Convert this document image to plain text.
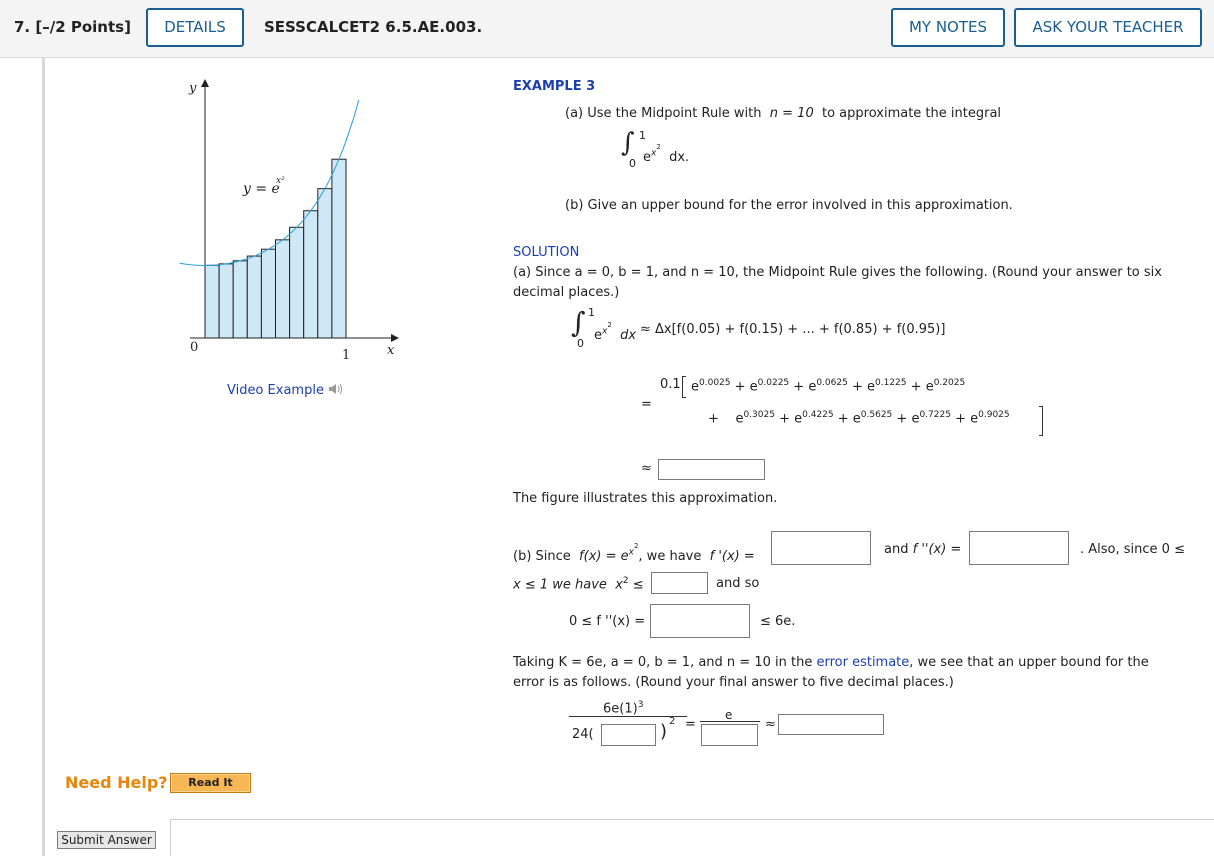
7. [–/2 Points]	DETAILS	SESSCALCET2 6.5.AE.003.	MY NOTES	ASK YOUR TEACHER
y
x
0
1
y = e
x²
Video Example
EXAMPLE 3
(a) Use the Midpoint Rule with n = 10 to approximate the integral
∫ 1
0 $e^{x2}$  dx.
(b) Give an upper bound for the error involved in this approximation.
SOLUTION
(a) Since a = 0, b = 1, and n = 10, the Midpoint Rule gives the following. (Round your answer to six
decimal places.)
∫ 1
0
$e^{x2}$  dx ≈ Δx[f(0.05) + f(0.15) + ... + f(0.85) + f(0.95)]
0.1
=
$e^{0.0025} + e^{0.0225} + e^{0.0625} + e^{0.1225} + e^{0.2025}$
+ $e^{0.3025} + e^{0.4225} + e^{0.5625} + e^{0.7225} + e^{0.9025}$
≈
The figure illustrates this approximation.
(b) Since $f(x) = e^{x2}$, we have f '(x) =	and f ''(x) =	. Also, since 0 ≤
x ≤ 1 we have $x^2$ ≤	and so
0 ≤ f ''(x) =	≤ 6e.
Taking K = 6e, a = 0, b = 1, and n = 10 in the error estimate, we see that an upper bound for the
error is as follows. (Round your final answer to five decimal places.)
$6e(1)^3$
24(	) 2 =
e
≈
Need Help?	Read It
Submit Answer
